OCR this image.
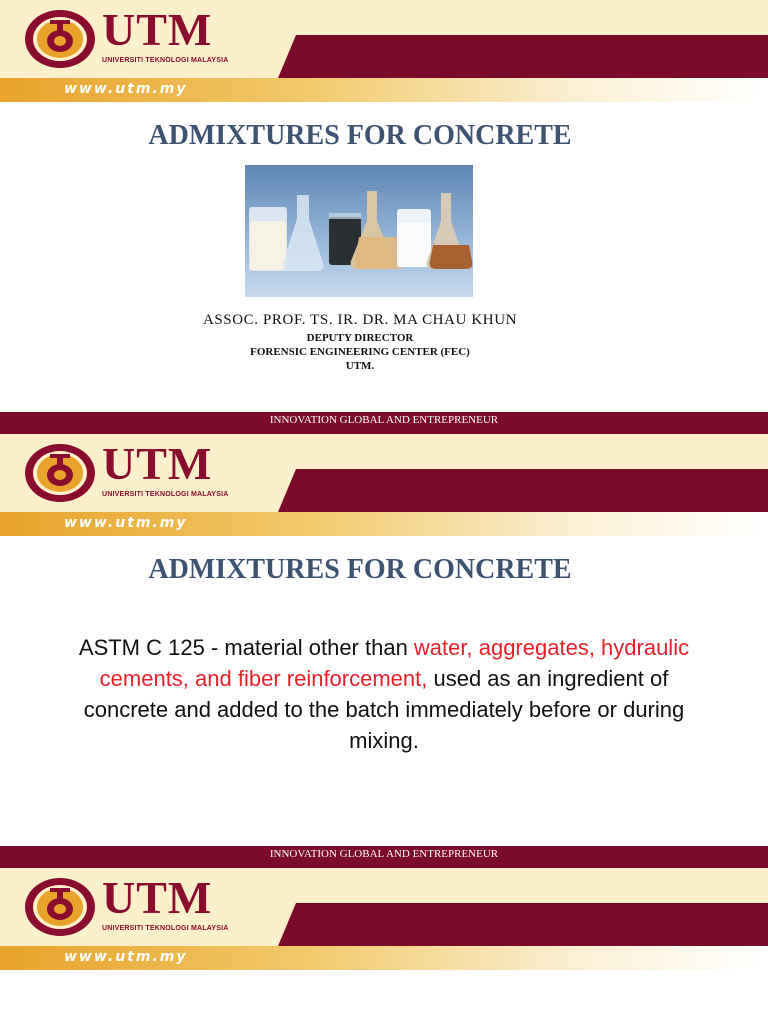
www.utm.my
UTM
UNIVERSITI TEKNOLOGI MALAYSIA
ADMIXTURES FOR CONCRETE
ASSOC. PROF. TS. IR. DR. MA CHAU KHUN
DEPUTY DIRECTOR
FORENSIC ENGINEERING CENTER (FEC)
UTM.
INNOVATION GLOBAL AND ENTREPRENEUR
www.utm.my
UTM
UNIVERSITI TEKNOLOGI MALAYSIA
ADMIXTURES FOR CONCRETE
ASTM C 125 - material other than water, aggregates, hydraulic cements, and fiber reinforcement, used as an ingredient of concrete and added to the batch immediately before or during mixing.
INNOVATION GLOBAL AND ENTREPRENEUR
www.utm.my
UTM
UNIVERSITI TEKNOLOGI MALAYSIA
